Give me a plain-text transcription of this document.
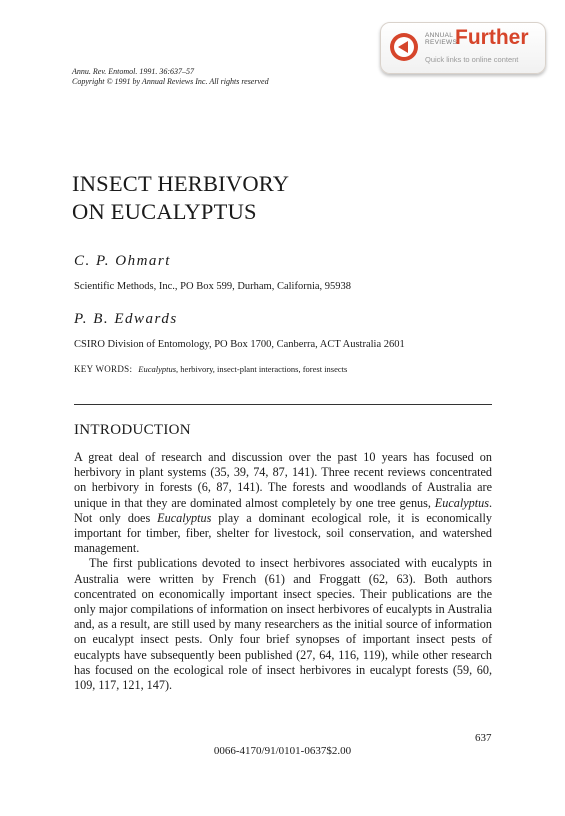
ANNUAL
REVIEWS
Further
Quick links to online content
Annu. Rev. Entomol. 1991. 36:637–57
Copyright © 1991 by Annual Reviews Inc. All rights reserved
INSECT HERBIVORY
ON EUCALYPTUS
C. P. Ohmart
Scientific Methods, Inc., PO Box 599, Durham, California, 95938
P. B. Edwards
CSIRO Division of Entomology, PO Box 1700, Canberra, ACT Australia 2601
KEY WORDS: Eucalyptus, herbivory, insect-plant interactions, forest insects
INTRODUCTION

A great deal of research and discussion over the past 10 years has focused on herbivory in plant systems (35, 39, 74, 87, 141). Three recent reviews concentrated on herbivory in forests (6, 87, 141). The forests and woodlands of Australia are unique in that they are dominated almost completely by one tree genus, Eucalyptus. Not only does Eucalyptus play a dominant ecological role, it is economically important for timber, fiber, shelter for livestock, soil conservation, and watershed management.

The first publications devoted to insect herbivores associated with eucalypts in Australia were written by French (61) and Froggatt (62, 63). Both authors concentrated on economically important insect species. Their publications are the only major compilations of information on insect herbivores of eucalypts in Australia and, as a result, are still used by many researchers as the initial source of information on eucalypt insect pests. Only four brief synopses of important insect pests of eucalypts have subsequently been published (27, 64, 116, 119), while other research has focused on the ecological role of insect herbivores in eucalypt forests (59, 60, 109, 117, 121, 147).

637
0066-4170/91/0101-0637$2.00
